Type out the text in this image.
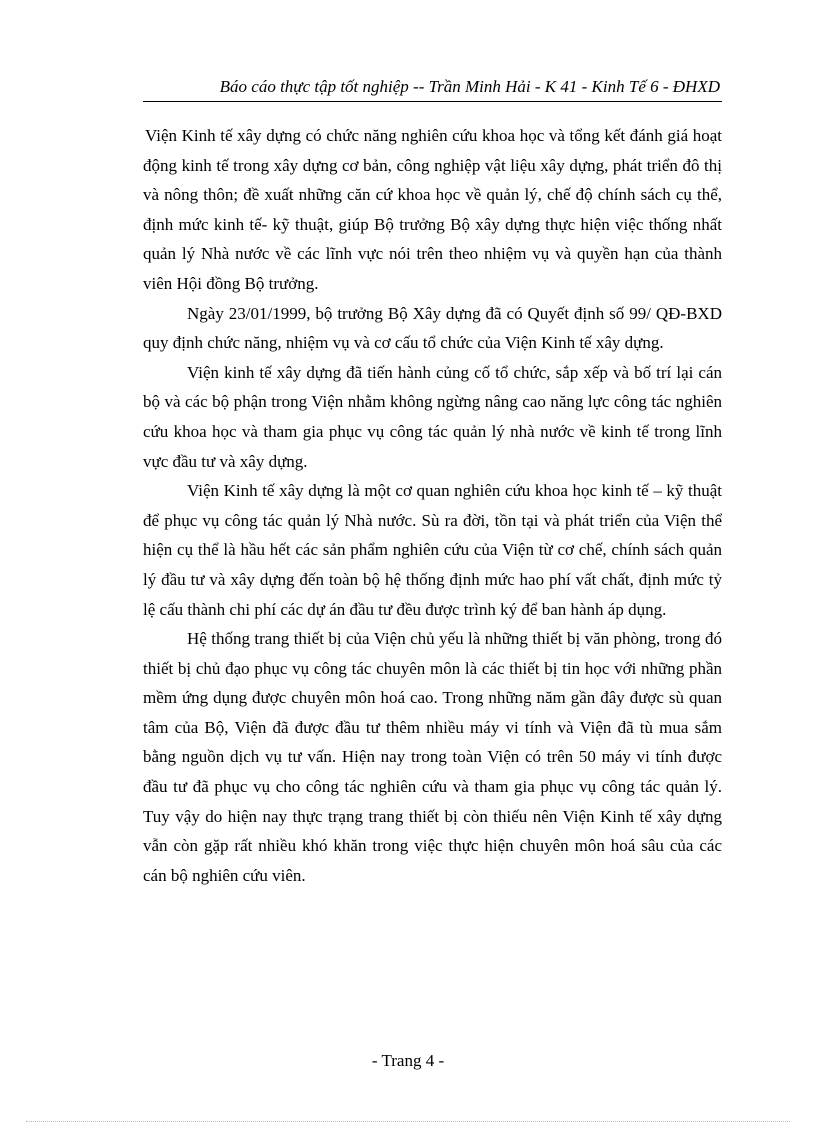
Báo cáo thực tập tốt nghiệp -- Trần Minh Hải - K 41 - Kinh Tế 6 - ĐHXD

Viện Kinh tế xây dựng có chức năng nghiên cứu khoa học và tổng kết đánh giá hoạt động kinh tế trong xây dựng cơ bản, công nghiệp vật liệu xây dựng, phát triển đô thị và nông thôn; đề xuất những căn cứ khoa học về quản lý, chế độ chính sách cụ thể, định mức kinh tế- kỹ thuật, giúp Bộ trưởng Bộ xây dựng thực hiện việc thống nhất quản lý Nhà nước về các lĩnh vực nói trên theo nhiệm vụ và quyền hạn của thành viên Hội đồng Bộ trưởng.

Ngày 23/01/1999, bộ trưởng Bộ Xây dựng đã có Quyết định số 99/ QĐ-BXD quy định chức năng, nhiệm vụ và cơ cấu tổ chức của Viện Kinh tế xây dựng.

Viện kinh tế xây dựng đã tiến hành củng cố tổ chức, sắp xếp và bố trí lại cán bộ và các bộ phận trong Viện nhằm không ngừng nâng cao năng lực công tác nghiên cứu khoa học và tham gia phục vụ công tác quản lý nhà nước về kinh tế trong lĩnh vực đầu tư và xây dựng.

Viện Kinh tế xây dựng là một cơ quan nghiên cứu khoa học kinh tế – kỹ thuật để phục vụ công tác quản lý Nhà nước. Sù ra đời, tồn tại và phát triển của Viện thể hiện cụ thể là hầu hết các sản phẩm nghiên cứu của Viện từ cơ chế, chính sách quản lý đầu tư và xây dựng đến toàn bộ hệ thống định mức hao phí vất chất, định mức tỷ lệ cấu thành chi phí các dự án đầu tư đều được trình ký để ban hành áp dụng.

Hệ thống trang thiết bị của Viện chủ yếu là những thiết bị văn phòng, trong đó thiết bị chủ đạo phục vụ công tác chuyên môn là các thiết bị tin học với những phần mềm ứng dụng được chuyên môn hoá cao. Trong những năm gần đây được sù quan tâm của Bộ, Viện đã được đầu tư thêm nhiều máy vi tính và Viện đã tù mua sắm bằng nguồn dịch vụ tư vấn. Hiện nay trong toàn Viện có trên 50 máy vi tính được đầu tư đã phục vụ cho công tác nghiên cứu và tham gia phục vụ công tác quản lý. Tuy vậy do hiện nay thực trạng trang thiết bị còn thiếu nên Viện Kinh tế xây dựng vẫn còn gặp rất nhiều khó khăn trong việc thực hiện chuyên môn hoá sâu của các cán bộ nghiên cứu viên.

- Trang 4 -
